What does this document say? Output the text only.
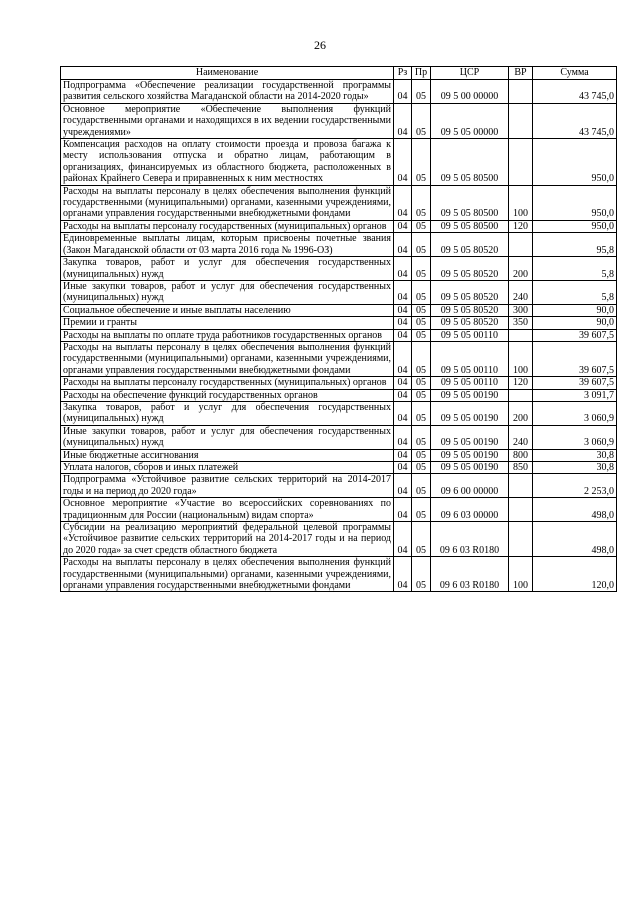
26
Наименование	Рз	Пр	ЦСР	ВР	Сумма
Подпрограмма «Обеспечение реализации государственной программы развития сельского хозяйства Магаданской области на 2014-2020 годы»	04	05	09 5 00 00000		43 745,0
Основное мероприятие «Обеспечение выполнения функций государственными органами и находящихся в их ведении государственными учреждениями»	04	05	09 5 05 00000		43 745,0
Компенсация расходов на оплату стоимости проезда и провоза багажа к месту использования отпуска и обратно лицам, работающим в организациях, финансируемых из областного бюджета, расположенных в районах Крайнего Севера и приравненных к ним местностях	04	05	09 5 05 80500		950,0
Расходы на выплаты персоналу в целях обеспечения выполнения функций государственными (муниципальными) органами, казенными учреждениями, органами управления государственными внебюджетными фондами	04	05	09 5 05 80500	100	950,0
Расходы на выплаты персоналу государственных (муниципальных) органов	04	05	09 5 05 80500	120	950,0
Единовременные выплаты лицам, которым присвоены почетные звания (Закон Магаданской области от 03 марта 2016 года № 1996-ОЗ)	04	05	09 5 05 80520		95,8
Закупка товаров, работ и услуг для обеспечения государственных (муниципальных) нужд	04	05	09 5 05 80520	200	5,8
Иные закупки товаров, работ и услуг для обеспечения государственных (муниципальных) нужд	04	05	09 5 05 80520	240	5,8
Социальное обеспечение и иные выплаты населению	04	05	09 5 05 80520	300	90,0
Премии и гранты	04	05	09 5 05 80520	350	90,0
Расходы на выплаты по оплате труда работников государственных органов	04	05	09 5 05 00110		39 607,5
Расходы на выплаты персоналу в целях обеспечения выполнения функций государственными (муниципальными) органами, казенными учреждениями, органами управления государственными внебюджетными фондами	04	05	09 5 05 00110	100	39 607,5
Расходы на выплаты персоналу государственных (муниципальных) органов	04	05	09 5 05 00110	120	39 607,5
Расходы на обеспечение функций государственных органов	04	05	09 5 05 00190		3 091,7
Закупка товаров, работ и услуг для обеспечения государственных (муниципальных) нужд	04	05	09 5 05 00190	200	3 060,9
Иные закупки товаров, работ и услуг для обеспечения государственных (муниципальных) нужд	04	05	09 5 05 00190	240	3 060,9
Иные бюджетные ассигнования	04	05	09 5 05 00190	800	30,8
Уплата налогов, сборов и иных платежей	04	05	09 5 05 00190	850	30,8
Подпрограмма «Устойчивое развитие сельских территорий на 2014-2017 годы и на период до 2020 года»	04	05	09 6 00 00000		2 253,0
Основное мероприятие «Участие во всероссийских соревнованиях по традиционным для России (национальным) видам спорта»	04	05	09 6 03 00000		498,0
Субсидии на реализацию мероприятий федеральной целевой программы «Устойчивое развитие сельских территорий на 2014-2017 годы и на период до 2020 года» за счет средств областного бюджета	04	05	09 6 03 R0180		498,0
Расходы на выплаты персоналу в целях обеспечения выполнения функций государственными (муниципальными) органами, казенными учреждениями, органами управления государственными внебюджетными фондами	04	05	09 6 03 R0180	100	120,0
